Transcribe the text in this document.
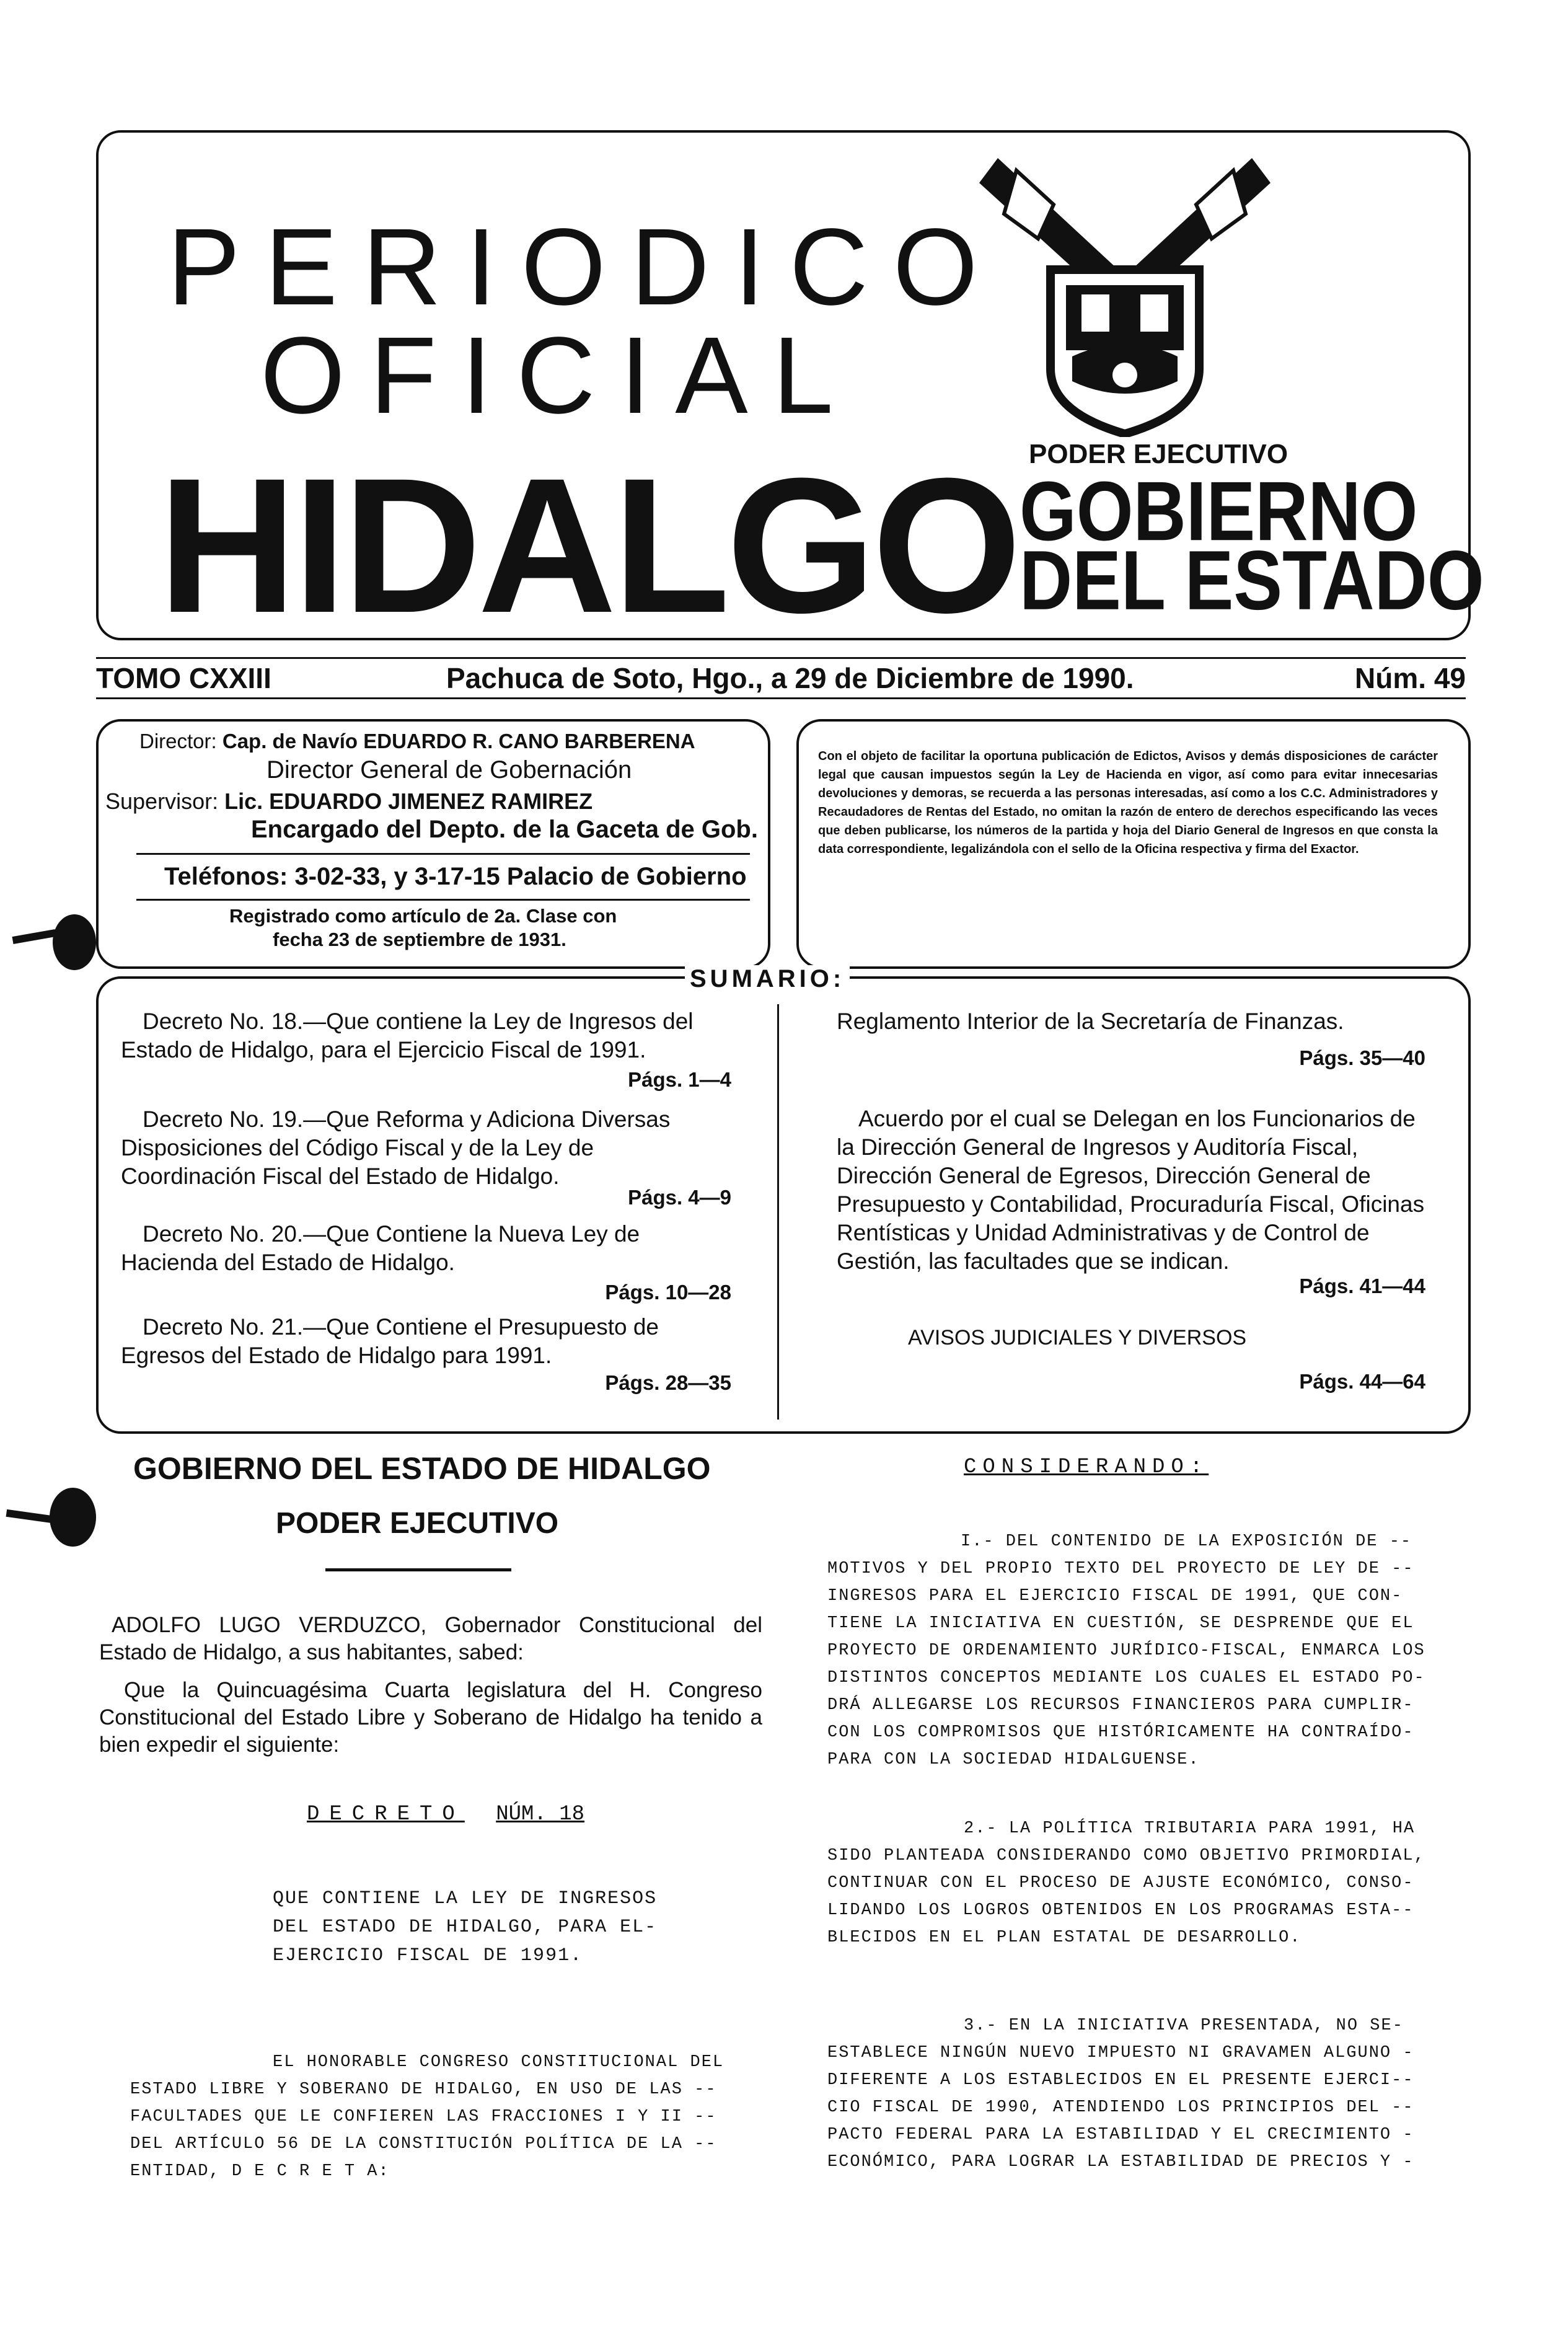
PERIODICO
OFICIAL
HIDALGO PODER EJECUTIVO
GOBIERNO
DEL ESTADO
TOMO CXXIII	Pachuca de Soto, Hgo., a 29 de Diciembre de 1990.	Núm. 49
Director: Cap. de Navío EDUARDO R. CANO BARBERENA
Director General de Gobernación
Supervisor: Lic. EDUARDO JIMENEZ RAMIREZ
Encargado del Depto. de la Gaceta de Gob.
Teléfonos: 3-02-33, y 3-17-15 Palacio de Gobierno
Registrado como artículo de 2a. Clase con
fecha 23 de septiembre de 1931.
Con el objeto de facilitar la oportuna publicación de Edictos, Avisos y demás disposiciones de carácter legal que causan impuestos según la Ley de Hacienda en vigor, así como para evitar innecesarias devoluciones y demoras, se recuerda a las personas interesadas, así como a los C.C. Administradores y Recaudadores de Rentas del Estado, no omitan la razón de entero de derechos especificando las veces que deben publicarse, los números de la partida y hoja del Diario General de Ingresos en que consta la data correspondiente, legalizándola con el sello de la Oficina respectiva y firma del Exactor.
SUMARIO:
Decreto No. 18.—Que contiene la Ley de Ingresos del Estado de Hidalgo, para el Ejercicio Fiscal de 1991.
Págs. 1—4
Decreto No. 19.—Que Reforma y Adiciona Diversas Disposiciones del Código Fiscal y de la Ley de Coordinación Fiscal del Estado de Hidalgo.
Págs. 4—9
Decreto No. 20.—Que Contiene la Nueva Ley de Hacienda del Estado de Hidalgo.
Págs. 10—28
Decreto No. 21.—Que Contiene el Presupuesto de Egresos del Estado de Hidalgo para 1991.
Págs. 28—35
Reglamento Interior de la Secretaría de Finanzas.
Págs. 35—40
Acuerdo por el cual se Delegan en los Funcionarios de la Dirección General de Ingresos y Auditoría Fiscal, Dirección General de Egresos, Dirección General de Presupuesto y Contabilidad, Procuraduría Fiscal, Oficinas Rentísticas y Unidad Administrativas y de Control de Gestión, las facultades que se indican.
Págs. 41—44
AVISOS JUDICIALES Y DIVERSOS
Págs. 44—64
GOBIERNO DEL ESTADO DE HIDALGO
PODER EJECUTIVO
ADOLFO LUGO VERDUZCO, Gobernador Constitucional del Estado de Hidalgo, a sus habitantes, sabed:
Que la Quincuagésima Cuarta legislatura del H. Congreso Constitucional del Estado Libre y Soberano de Hidalgo ha tenido a bien expedir el siguiente:
DECRETO NÚM. 18
QUE CONTIENE LA LEY DE INGRESOS
DEL ESTADO DE HIDALGO, PARA EL-
EJERCICIO FISCAL DE 1991.
EL HONORABLE CONGRESO CONSTITUCIONAL DEL
ESTADO LIBRE Y SOBERANO DE HIDALGO, EN USO DE LAS --
FACULTADES QUE LE CONFIEREN LAS FRACCIONES I Y II --
DEL ARTÍCULO 56 DE LA CONSTITUCIÓN POLÍTICA DE LA --
ENTIDAD, D E C R E T A:
CONSIDERANDO:
I.- DEL CONTENIDO DE LA EXPOSICIÓN DE --
MOTIVOS Y DEL PROPIO TEXTO DEL PROYECTO DE LEY DE --
INGRESOS PARA EL EJERCICIO FISCAL DE 1991, QUE CON-
TIENE LA INICIATIVA EN CUESTIÓN, SE DESPRENDE QUE EL
PROYECTO DE ORDENAMIENTO JURÍDICO-FISCAL, ENMARCA LOS
DISTINTOS CONCEPTOS MEDIANTE LOS CUALES EL ESTADO PO-
DRÁ ALLEGARSE LOS RECURSOS FINANCIEROS PARA CUMPLIR-
CON LOS COMPROMISOS QUE HISTÓRICAMENTE HA CONTRAÍDO-
PARA CON LA SOCIEDAD HIDALGUENSE.
2.- LA POLÍTICA TRIBUTARIA PARA 1991, HA
SIDO PLANTEADA CONSIDERANDO COMO OBJETIVO PRIMORDIAL,
CONTINUAR CON EL PROCESO DE AJUSTE ECONÓMICO, CONSO-
LIDANDO LOS LOGROS OBTENIDOS EN LOS PROGRAMAS ESTA--
BLECIDOS EN EL PLAN ESTATAL DE DESARROLLO.
3.- EN LA INICIATIVA PRESENTADA, NO SE-
ESTABLECE NINGÚN NUEVO IMPUESTO NI GRAVAMEN ALGUNO -
DIFERENTE A LOS ESTABLECIDOS EN EL PRESENTE EJERCI--
CIO FISCAL DE 1990, ATENDIENDO LOS PRINCIPIOS DEL --
PACTO FEDERAL PARA LA ESTABILIDAD Y EL CRECIMIENTO -
ECONÓMICO, PARA LOGRAR LA ESTABILIDAD DE PRECIOS Y -
